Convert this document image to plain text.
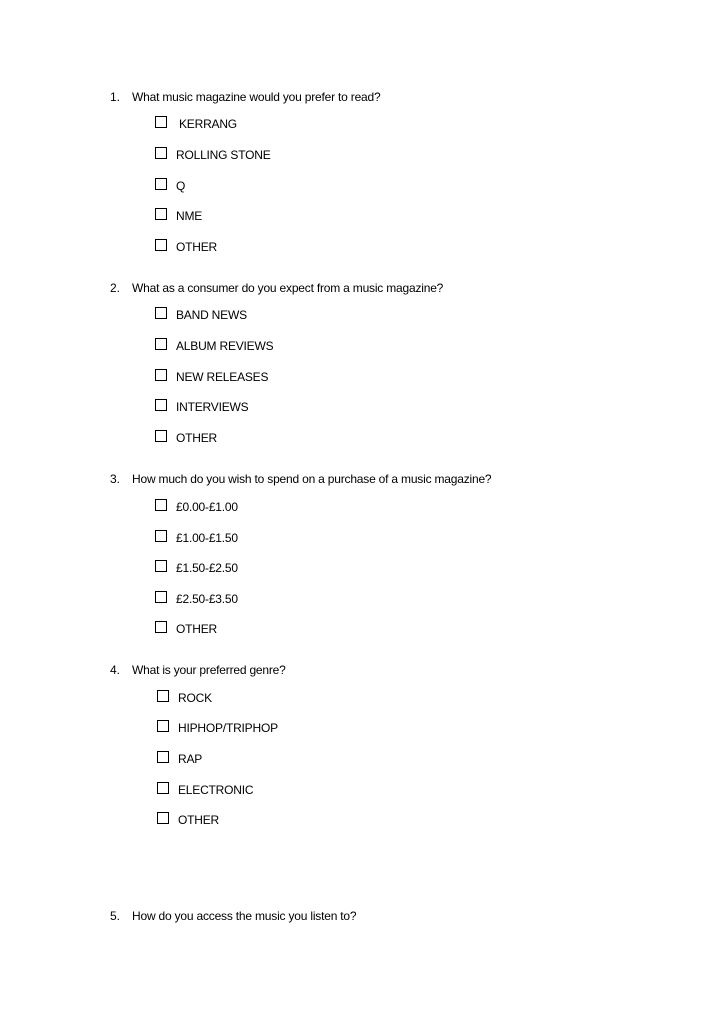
1. What music magazine would you prefer to read?
KERRANG
ROLLING STONE
Q
NME
OTHER
2. What as a consumer do you expect from a music magazine?
BAND NEWS
ALBUM REVIEWS
NEW RELEASES
INTERVIEWS
OTHER
3. How much do you wish to spend on a purchase of a music magazine?
£0.00-£1.00
£1.00-£1.50
£1.50-£2.50
£2.50-£3.50
OTHER
4. What is your preferred genre?
ROCK
HIPHOP/TRIPHOP
RAP
ELECTRONIC
OTHER
5. How do you access the music you listen to?
